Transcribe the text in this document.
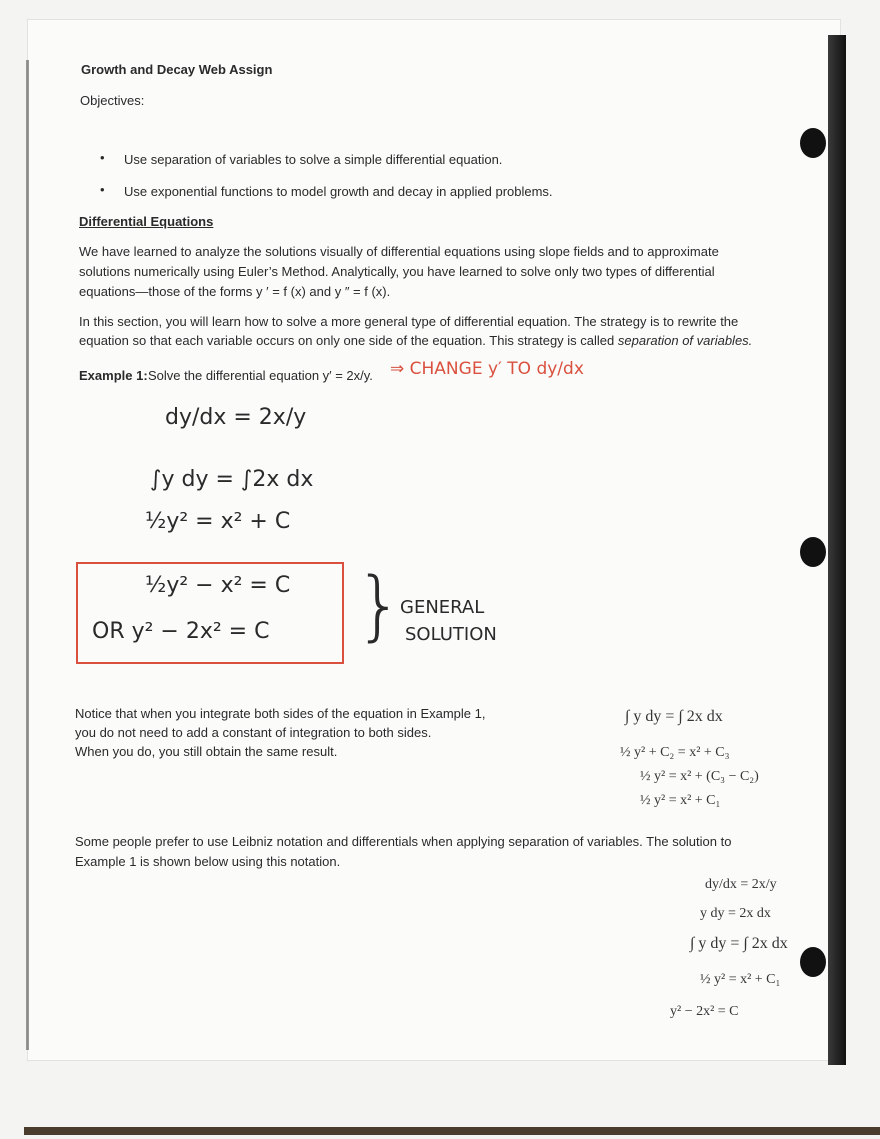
Growth and Decay Web Assign
Objectives:
• Use separation of variables to solve a simple differential equation.
• Use exponential functions to model growth and decay in applied problems.
Differential Equations
We have learned to analyze the solutions visually of differential equations using slope fields and to approximate
solutions numerically using Euler’s Method. Analytically, you have learned to solve only two types of differential
equations—those of the forms y ′ = f (x) and y ″ = f (x).
In this section, you will learn how to solve a more general type of differential equation. The strategy is to rewrite the
equation so that each variable occurs on only one side of the equation. This strategy is called separation of variables.
Example 1: Solve the differential equation y′ = 2x/y. ⇒ CHANGE y′ TO dy/dx
dy/dx = 2x/y
∫y dy = ∫2x dx
½y² = x² + C
½y² − x² = C
OR y² − 2x² = C }
GENERAL
SOLUTION
Notice that when you integrate both sides of the equation in Example 1,
you do not need to add a constant of integration to both sides.
When you do, you still obtain the same result.
∫ y dy = ∫ 2x dx
½ y² + C₂ = x² + C₃
½ y² = x² + (C₃ − C₂)
½ y² = x² + C₁
Some people prefer to use Leibniz notation and differentials when applying separation of variables. The solution to
Example 1 is shown below using this notation.
dy/dx = 2x/y
y dy = 2x dx
∫ y dy = ∫ 2x dx
½ y² = x² + C₁
y² − 2x² = C
